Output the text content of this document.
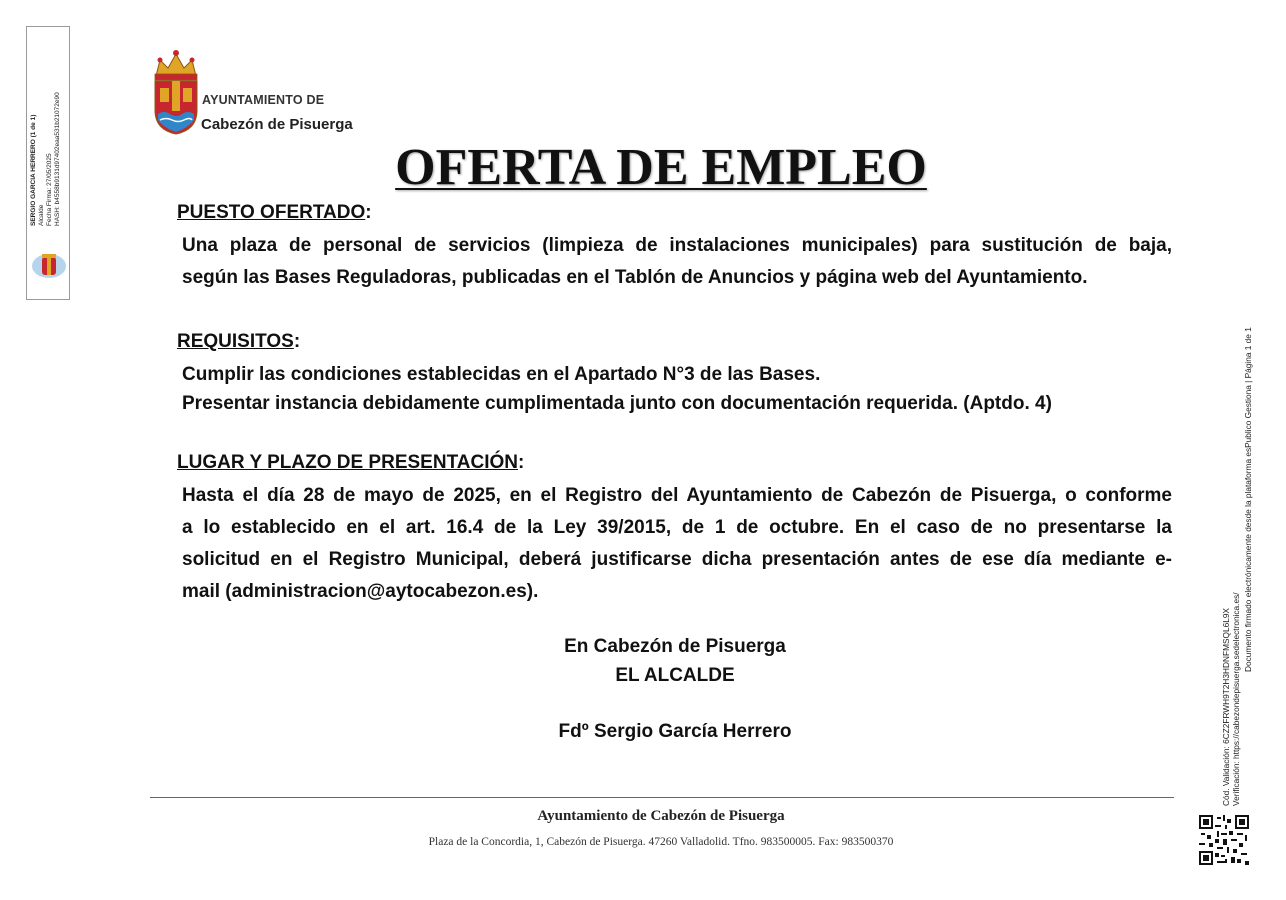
SERGIO GARCIA HERRERO (1 de 1) Alcalde Fecha Firma: 27/05/2025 HASH: b4558b9131d97402eaa531b21072e90	AYUNTAMIENTO DE
Cabezón de Pisuerga
OFERTA DE EMPLEO
PUESTO OFERTADO:
Una plaza de personal de servicios (limpieza de instalaciones municipales) para sustitución de baja,
según las Bases Reguladoras, publicadas en el Tablón de Anuncios y página web del Ayuntamiento.
REQUISITOS:
Cumplir las condiciones establecidas en el Apartado N°3 de las Bases.
Presentar instancia debidamente cumplimentada junto con documentación requerida. (Aptdo. 4)
LUGAR Y PLAZO DE PRESENTACIÓN:
Hasta el día 28 de mayo de 2025, en el Registro del Ayuntamiento de Cabezón de Pisuerga, o conforme
a lo establecido en el art. 16.4 de la Ley 39/2015, de 1 de octubre. En el caso de no presentarse la
solicitud en el Registro Municipal, deberá justificarse dicha presentación antes de ese día mediante e-
mail (administracion@aytocabezon.es).
En Cabezón de Pisuerga
EL ALCALDE
Fdº Sergio García Herrero
Ayuntamiento de Cabezón de Pisuerga
Plaza de la Concordia, 1, Cabezón de Pisuerga. 47260 Valladolid. Tfno. 983500005. Fax: 983500370
Cód. Validación: 6CZ2FRWH9T2H3HDNFMSQL6L9X Verificación: https://cabezondepisuerga.sedelectronica.es/
Documento firmado electrónicamente desde la plataforma esPublico Gestiona | Página 1 de 1
